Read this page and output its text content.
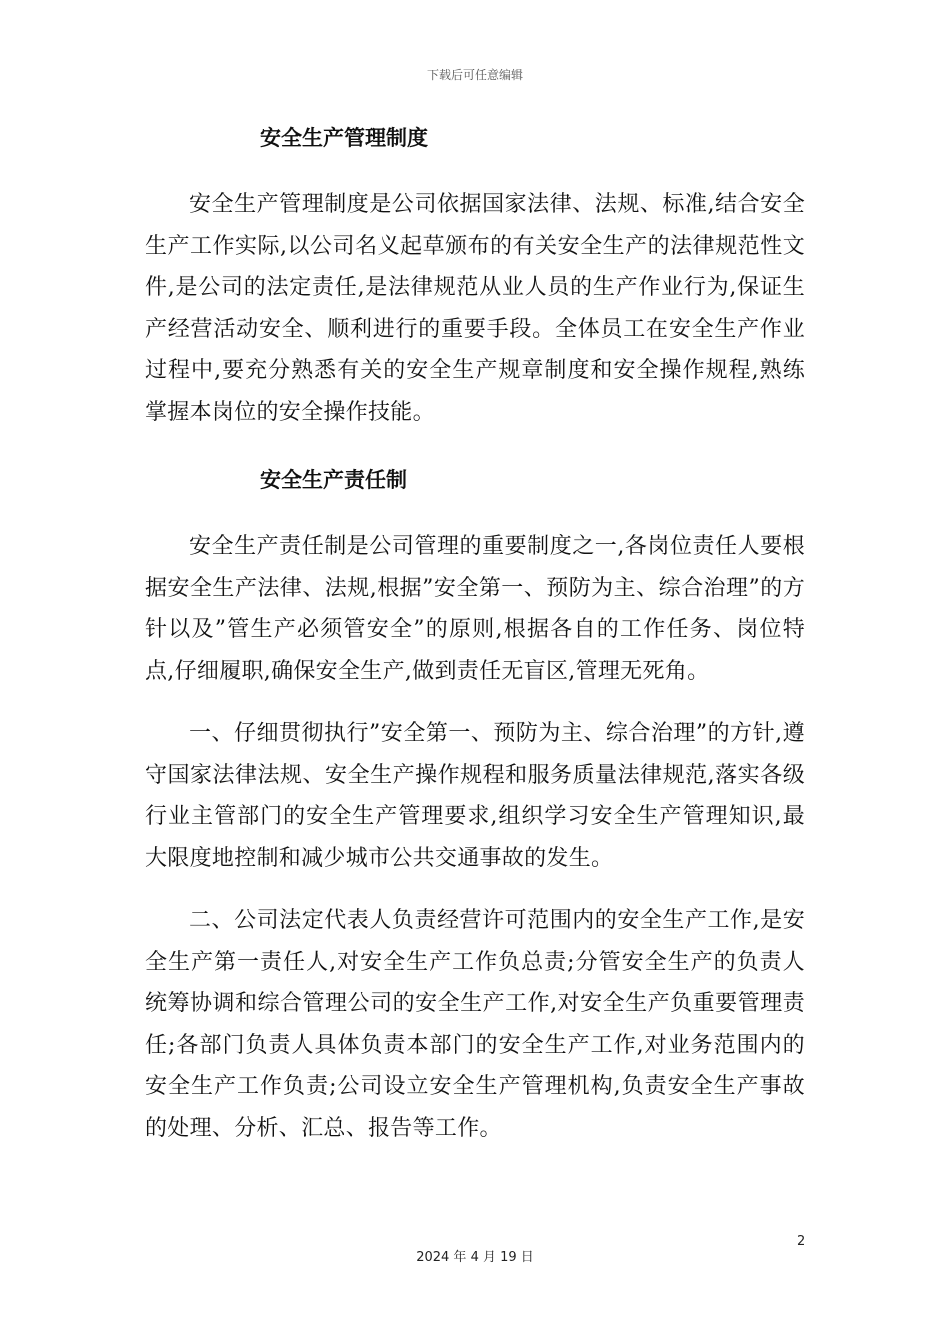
下载后可任意编辑
安全生产管理制度

安全生产管理制度是公司依据国家法律、法规、标准,结合安全生产工作实际,以公司名义起草颁布的有关安全生产的法律规范性文件,是公司的法定责任,是法律规范从业人员的生产作业行为,保证生产经营活动安全、顺利进行的重要手段。全体员工在安全生产作业过程中,要充分熟悉有关的安全生产规章制度和安全操作规程,熟练掌握本岗位的安全操作技能。

安全生产责任制

安全生产责任制是公司管理的重要制度之一,各岗位责任人要根据安全生产法律、法规,根据”安全第一、预防为主、综合治理”的方针以及”管生产必须管安全”的原则,根据各自的工作任务、岗位特点,仔细履职,确保安全生产,做到责任无盲区,管理无死角。

一、仔细贯彻执行”安全第一、预防为主、综合治理”的方针,遵守国家法律法规、安全生产操作规程和服务质量法律规范,落实各级行业主管部门的安全生产管理要求,组织学习安全生产管理知识,最大限度地控制和减少城市公共交通事故的发生。

二、公司法定代表人负责经营许可范围内的安全生产工作,是安全生产第一责任人,对安全生产工作负总责;分管安全生产的负责人统筹协调和综合管理公司的安全生产工作,对安全生产负重要管理责任;各部门负责人具体负责本部门的安全生产工作,对业务范围内的安全生产工作负责;公司设立安全生产管理机构,负责安全生产事故的处理、分析、汇总、报告等工作。

2
2024 年 4 月 19 日
